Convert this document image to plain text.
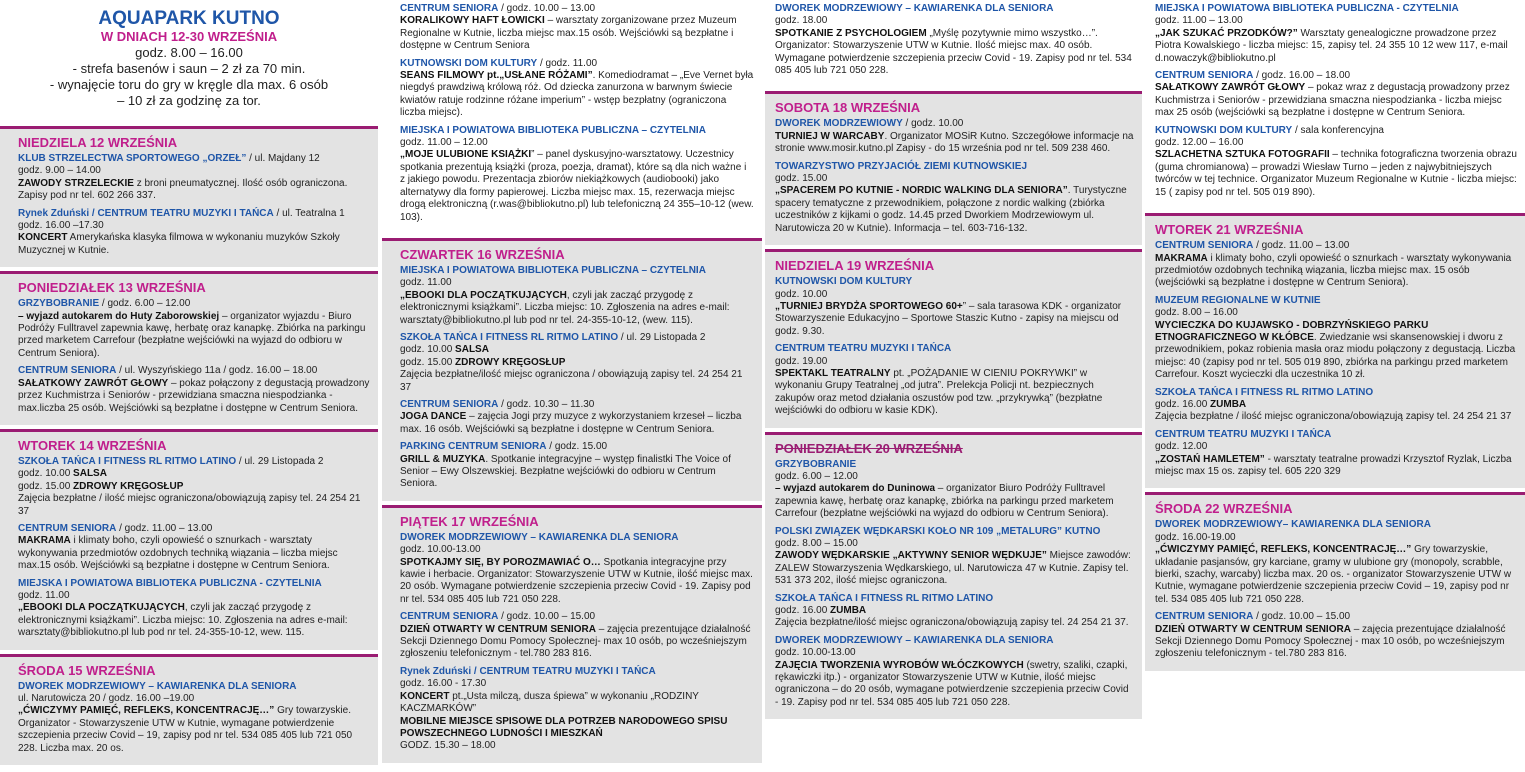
AQUAPARK KUTNO
W DNIACH 12-30 WRZEŚNIA
godz. 8.00 – 16.00
- strefa basenów i saun – 2 zł za 70 min.
- wynajęcie toru do gry w kręgle dla max. 6 osób
– 10 zł za godzinę za tor.
NIEDZIELA 12 WRZEŚNIA
KLUB STRZELECTWA SPORTOWEGO „ORZEŁ” / ul. Majdany 12

godz. 9.00 – 14.00

ZAWODY STRZELECKIE z broni pneumatycznej. Ilość osób ograniczona. Zapisy pod nr tel. 602 266 337.

Rynek Zduński / CENTRUM TEATRU MUZYKI I TAŃCA / ul. Teatralna 1

godz. 16.00 –17.30

KONCERT Amerykańska klasyka filmowa w wykonaniu muzyków Szkoły Muzycznej w Kutnie.

PONIEDZIAŁEK 13 WRZEŚNIA
GRZYBOBRANIE / godz. 6.00 – 12.00

– wyjazd autokarem do Huty Zaborowskiej – organizator wyjazdu - Biuro Podróży Fulltravel zapewnia kawę, herbatę oraz kanapkę. Zbiórka na parkingu przed marketem Carrefour (bezpłatne wejściówki na wyjazd do odbioru w Centrum Seniora).

CENTRUM SENIORA / ul. Wyszyńskiego 11a / godz. 16.00 – 18.00

SAŁATKOWY ZAWRÓT GŁOWY – pokaz połączony z degustacją prowadzony przez Kuchmistrza i Seniorów - przewidziana smaczna niespodzianka - max.liczba 25 osób. Wejściówki są bezpłatne i dostępne w Centrum Seniora.

WTOREK 14 WRZEŚNIA
SZKOŁA TAŃCA I FITNESS RL RITMO LATINO / ul. 29 Listopada 2

godz. 10.00 SALSA

godz. 15.00 ZDROWY KRĘGOSŁUP

Zajęcia bezpłatne / ilość miejsc ograniczona/obowiązują zapisy tel. 24 254 21 37

CENTRUM SENIORA / godz. 11.00 – 13.00

MAKRAMA i klimaty boho, czyli opowieść o sznurkach - warsztaty wykonywania przedmiotów ozdobnych techniką wiązania – liczba miejsc max.15 osób. Wejściówki są bezpłatne i dostępne w Centrum Seniora.

MIEJSKA I POWIATOWA BIBLIOTEKA PUBLICZNA - CZYTELNIA

godz. 11.00

„EBOOKI DLA POCZĄTKUJĄCYCH, czyli jak zacząć przygodę z elektronicznymi książkami”. Liczba miejsc: 10. Zgłoszenia na adres e-mail: warsztaty@bibliokutno.pl lub pod nr tel. 24-355-10-12, wew. 115.

ŚRODA 15 WRZEŚNIA
DWOREK MODRZEWIOWY – KAWIARENKA DLA SENIORA

ul. Narutowicza 20 / godz. 16.00 –19.00

„ĆWICZYMY PAMIĘĆ, REFLEKS, KONCENTRACJĘ…” Gry towarzyskie. Organizator - Stowarzyszenie UTW w Kutnie, wymagane potwierdzenie szczepienia przeciw Covid – 19, zapisy pod nr tel. 534 085 405 lub 721 050 228. Liczba max. 20 os.

CENTRUM SENIORA / godz. 10.00 – 13.00

KORALIKOWY HAFT ŁOWICKI – warsztaty zorganizowane przez Muzeum Regionalne w Kutnie, liczba miejsc max.15 osób. Wejściówki są bezpłatne i dostępne w Centrum Seniora

KUTNOWSKI DOM KULTURY / godz. 11.00

SEANS FILMOWY pt.„USŁANE RÓŻAMI”. Komediodramat – „Eve Vernet była niegdyś prawdziwą królową róż. Od dziecka zanurzona w barwnym świecie kwiatów ratuje rodzinne różane imperium” - wstęp bezpłatny (ograniczona liczba miejsc).

MIEJSKA I POWIATOWA BIBLIOTEKA PUBLICZNA – CZYTELNIA

godz. 11.00 – 12.00

„MOJE ULUBIONE KSIĄŻKI” – panel dyskusyjno-warsztatowy. Uczestnicy spotkania prezentują książki (proza, poezja, dramat), które są dla nich ważne i z jakiego powodu. Prezentacja zbiorów niekiążkowych (audiobooki) jako alternatywy dla formy papierowej. Liczba miejsc max. 15, rezerwacja miejsc drogą elektroniczną (r.was@bibliokutno.pl) lub telefoniczną 24 355–10-12 (wew. 103).

CZWARTEK 16 WRZEŚNIA
MIEJSKA I POWIATOWA BIBLIOTEKA PUBLICZNA – CZYTELNIA

godz. 11.00

„EBOOKI DLA POCZĄTKUJĄCYCH, czyli jak zacząć przygodę z elektronicznymi książkami”. Liczba miejsc: 10. Zgłoszenia na adres e-mail: warsztaty@bibliokutno.pl lub pod nr tel. 24-355-10-12, (wew. 115).

SZKOŁA TAŃCA I FITNESS RL RITMO LATINO / ul. 29 Listopada 2

godz. 10.00 SALSA

godz. 15.00 ZDROWY KRĘGOSŁUP

Zajęcia bezpłatne/ilość miejsc ograniczona / obowiązują zapisy tel. 24 254 21 37

CENTRUM SENIORA / godz. 10.30 – 11.30

JOGA DANCE – zajęcia Jogi przy muzyce z wykorzystaniem krzeseł – liczba max. 16 osób. Wejściówki są bezpłatne i dostępne w Centrum Seniora.

PARKING CENTRUM SENIORA / godz. 15.00

GRILL & MUZYKA. Spotkanie integracyjne – występ finalistki The Voice of Senior – Ewy Olszewskiej. Bezpłatne wejściówki do odbioru w Centrum Seniora.

PIĄTEK 17 WRZEŚNIA
DWOREK MODRZEWIOWY – KAWIARENKA DLA SENIORA

godz. 10.00-13.00

SPOTKAJMY SIĘ, BY POROZMAWIAĆ O… Spotkania integracyjne przy kawie i herbacie. Organizator: Stowarzyszenie UTW w Kutnie, ilość miejsc max. 20 osób. Wymagane potwierdzenie szczepienia przeciw Covid - 19. Zapisy pod nr tel. 534 085 405 lub 721 050 228.

CENTRUM SENIORA / godz. 10.00 – 15.00

DZIEŃ OTWARTY W CENTRUM SENIORA – zajęcia prezentujące działalność Sekcji Dziennego Domu Pomocy Społecznej- max 10 osób, po wcześniejszym zgłoszeniu telefonicznym - tel.780 283 816.

Rynek Zduński / CENTRUM TEATRU MUZYKI I TAŃCA

godz. 16.00 - 17.30

KONCERT pt.„Usta milczą, dusza śpiewa” w wykonaniu „RODZINY KACZMARKÓW”

MOBILNE MIEJSCE SPISOWE DLA POTRZEB NARODOWEGO SPISU POWSZECHNEGO LUDNOŚCI I MIESZKAŃ

GODZ. 15.30 – 18.00

DWOREK MODRZEWIOWY – KAWIARENKA DLA SENIORA

godz. 18.00

SPOTKANIE Z PSYCHOLOGIEM „Myślę pozytywnie mimo wszystko…”. Organizator: Stowarzyszenie UTW w Kutnie. Ilość miejsc max. 40 osób. Wymagane potwierdzenie szczepienia przeciw Covid - 19. Zapisy pod nr tel. 534 085 405 lub 721 050 228.

SOBOTA 18 WRZEŚNIA
DWOREK MODRZEWIOWY / godz. 10.00

TURNIEJ W WARCABY. Organizator MOSiR Kutno. Szczegółowe informacje na stronie www.mosir.kutno.pl Zapisy - do 15 września pod nr tel. 509 238 460.

TOWARZYSTWO PRZYJACIÓŁ ZIEMI KUTNOWSKIEJ

godz. 15.00

„SPACEREM PO KUTNIE - NORDIC WALKING DLA SENIORA”. Turystyczne spacery tematyczne z przewodnikiem, połączone z nordic walking (zbiórka uczestników z kijkami o godz. 14.45 przed Dworkiem Modrzewiowym ul. Narutowicza 20 w Kutnie). Informacja – tel. 603-716-132.

NIEDZIELA 19 WRZEŚNIA
KUTNOWSKI DOM KULTURY

godz. 10.00

„TURNIEJ BRYDŻA SPORTOWEGO 60+” – sala tarasowa KDK - organizator Stowarzyszenie Edukacyjno – Sportowe Staszic Kutno - zapisy na miejscu od godz. 9.30.

CENTRUM TEATRU MUZYKI I TAŃCA

godz. 19.00

SPEKTAKL TEATRALNY pt. „POŻĄDANIE W CIENIU POKRYWKI” w wykonaniu Grupy Teatralnej „od jutra”. Prelekcja Policji nt. bezpiecznych zakupów oraz metod działania oszustów pod tzw. „przykrywką” (bezpłatne wejściówki do odbioru w kasie KDK).

PONIEDZIAŁEK 20 WRZEŚNIA
GRZYBOBRANIE

godz. 6.00 – 12.00

– wyjazd autokarem do Duninowa – organizator Biuro Podróży Fulltravel zapewnia kawę, herbatę oraz kanapkę, zbiórka na parkingu przed marketem Carrefour (bezpłatne wejściówki na wyjazd do odbioru w Centrum Seniora).

POLSKI ZWIĄZEK WĘDKARSKI KOŁO NR 109 „METALURG” KUTNO

godz. 8.00 – 15.00

ZAWODY WĘDKARSKIE „AKTYWNY SENIOR WĘDKUJE” Miejsce zawodów: ZALEW Stowarzyszenia Wędkarskiego, ul. Narutowicza 47 w Kutnie. Zapisy tel. 531 373 202, ilość miejsc ograniczona.

SZKOŁA TAŃCA I FITNESS RL RITMO LATINO

godz. 16.00 ZUMBA

Zajęcia bezpłatne/ilość miejsc ograniczona/obowiązują zapisy tel. 24 254 21 37.

DWOREK MODRZEWIOWY – KAWIARENKA DLA SENIORA

godz. 10.00-13.00

ZAJĘCIA TWORZENIA WYROBÓW WŁÓCZKOWYCH (swetry, szaliki, czapki, rękawiczki itp.) - organizator Stowarzyszenie UTW w Kutnie, ilość miejsc ograniczona – do 20 osób, wymagane potwierdzenie szczepienia przeciw Covid - 19. Zapisy pod nr tel. 534 085 405 lub 721 050 228.

MIEJSKA I POWIATOWA BIBLIOTEKA PUBLICZNA - CZYTELNIA

godz. 11.00 – 13.00

„JAK SZUKAĆ PRZODKÓW?” Warsztaty genealogiczne prowadzone przez Piotra Kowalskiego - liczba miejsc: 15, zapisy tel. 24 355 10 12 wew 117, e-mail d.nowaczyk@bibliokutno.pl

CENTRUM SENIORA / godz. 16.00 – 18.00

SAŁATKOWY ZAWRÓT GŁOWY – pokaz wraz z degustacją prowadzony przez Kuchmistrza i Seniorów - przewidziana smaczna niespodzianka - liczba miejsc max 25 osób (wejściówki są bezpłatne i dostępne w Centrum Seniora.

KUTNOWSKI DOM KULTURY / sala konferencyjna

godz. 12.00 – 16.00

SZLACHETNA SZTUKA FOTOGRAFII – technika fotograficzna tworzenia obrazu (guma chromianowa) – prowadzi Wiesław Turno – jeden z najwybitniejszych twórców w tej technice. Organizator Muzeum Regionalne w Kutnie - liczba miejsc: 15 ( zapisy pod nr tel. 505 019 890).

WTOREK 21 WRZEŚNIA
CENTRUM SENIORA / godz. 11.00 – 13.00

MAKRAMA i klimaty boho, czyli opowieść o sznurkach - warsztaty wykonywania przedmiotów ozdobnych techniką wiązania, liczba miejsc max. 15 osób (wejściówki są bezpłatne i dostępne w Centrum Seniora).

MUZEUM REGIONALNE W KUTNIE

godz. 8.00 – 16.00

WYCIECZKA DO KUJAWSKO - DOBRZYŃSKIEGO PARKU ETNOGRAFICZNEGO W KŁÓBCE. Zwiedzanie wsi skansenowskiej i dworu z przewodnikiem, pokaz robienia masła oraz miodu połączony z degustacją. Liczba miejsc: 40 (zapisy pod nr tel. 505 019 890, zbiórka na parkingu przed marketem Carrefour. Koszt wycieczki dla uczestnika 10 zł.

SZKOŁA TAŃCA I FITNESS RL RITMO LATINO

godz. 16.00 ZUMBA

Zajęcia bezpłatne / ilość miejsc ograniczona/obowiązują zapisy tel. 24 254 21 37

CENTRUM TEATRU MUZYKI I TAŃCA

godz. 12.00

„ZOSTAŃ HAMLETEM” - warsztaty teatralne prowadzi Krzysztof Ryzlak, Liczba miejsc max 15 os. zapisy tel. 605 220 329

ŚRODA 22 WRZEŚNIA
DWOREK MODRZEWIOWY– KAWIARENKA DLA SENIORA

godz. 16.00-19.00

„ĆWICZYMY PAMIĘĆ, REFLEKS, KONCENTRACJĘ…” Gry towarzyskie, układanie pasjansów, gry karciane, gramy w ulubione gry (monopoly, scrabble, bierki, szachy, warcaby) liczba max. 20 os. - organizator Stowarzyszenie UTW w Kutnie, wymagane potwierdzenie szczepienia przeciw Covid – 19, zapisy pod nr tel. 534 085 405 lub 721 050 228.

CENTRUM SENIORA / godz. 10.00 – 15.00

DZIEŃ OTWARTY W CENTRUM SENIORA – zajęcia prezentujące działalność Sekcji Dziennego Domu Pomocy Społecznej - max 10 osób, po wcześniejszym zgłoszeniu telefonicznym - tel.780 283 816.
